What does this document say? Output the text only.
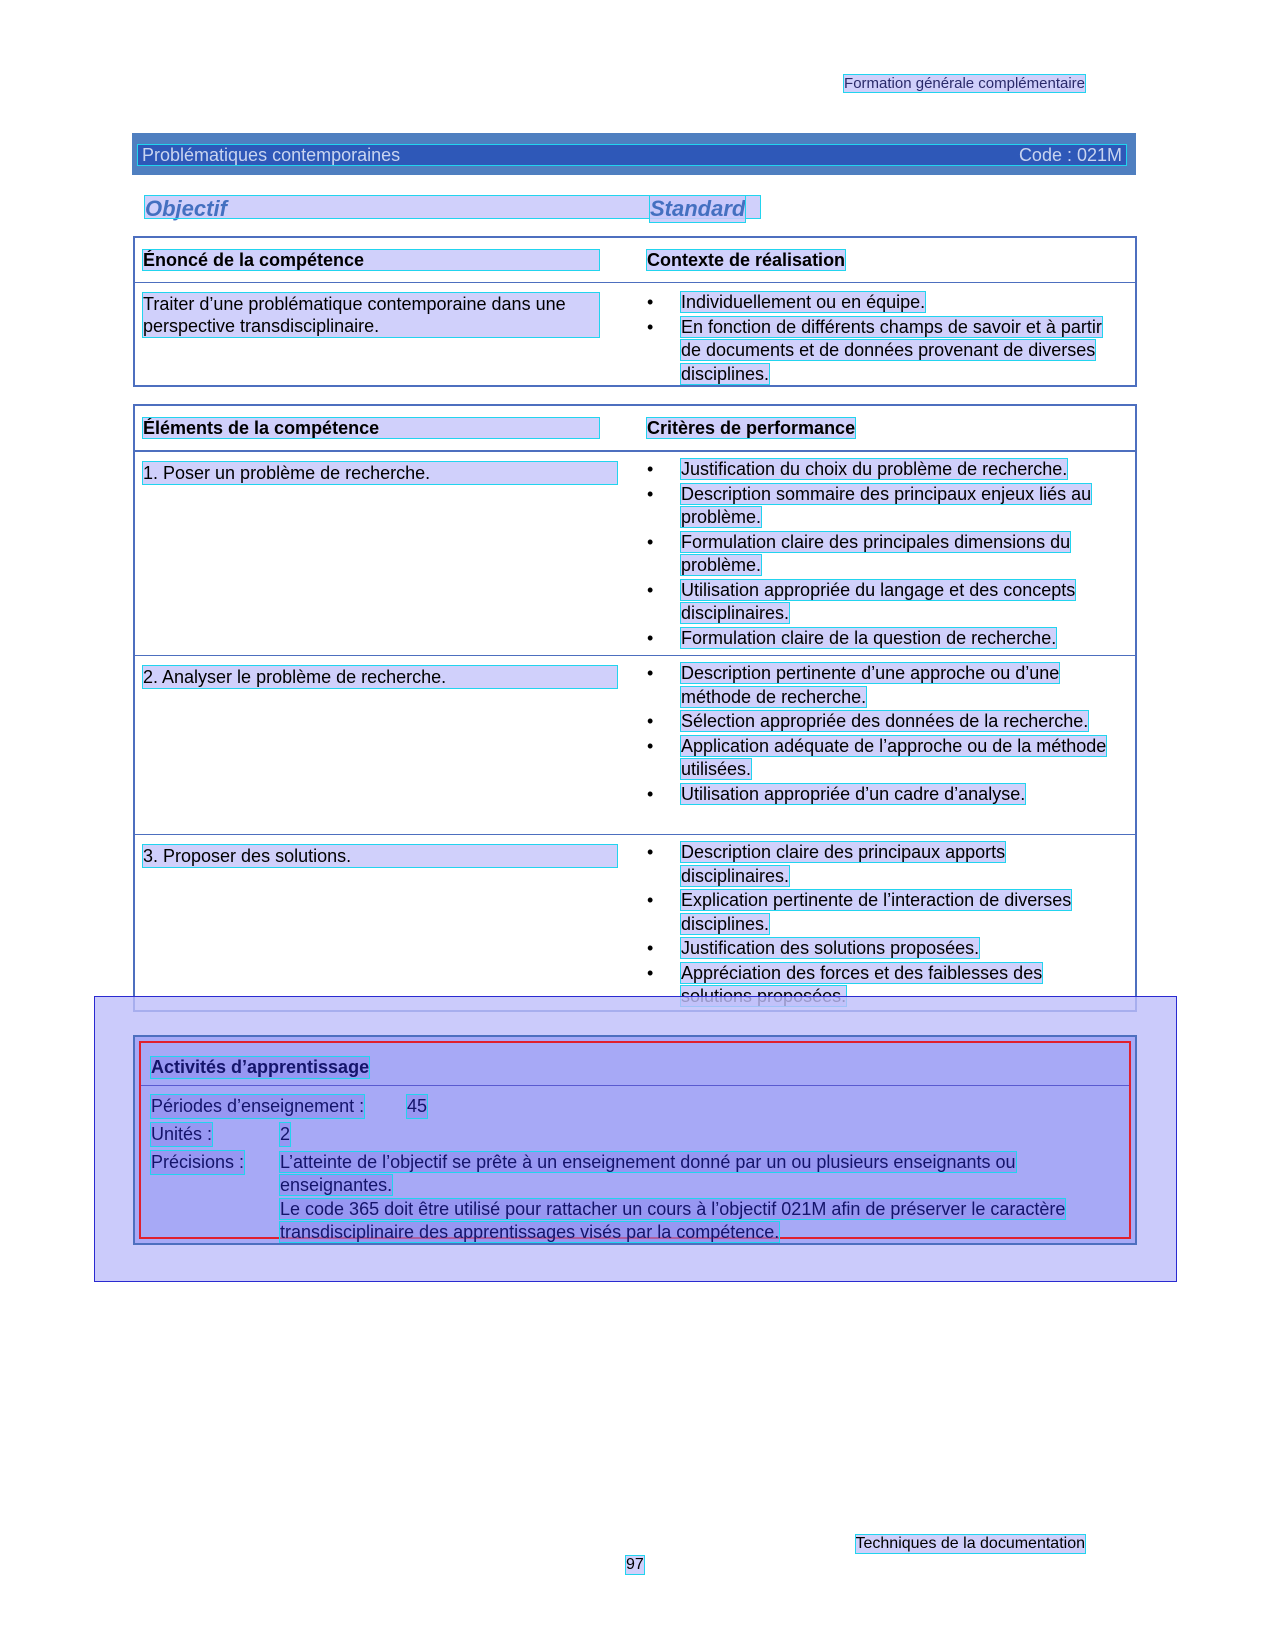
Formation générale complémentaire
Problématiques contemporaines	Code : 021M
Objectif	Standard
Énoncé de la compétence	Contexte de réalisation
Traiter d’une problématique contemporaine dans une perspective transdisciplinaire.
•	Individuellement ou en équipe.
•	En fonction de différents champs de savoir et à partir de documents et de données provenant de diverses disciplines.
Éléments de la compétence	Critères de performance
1. Poser un problème de recherche.	•	Justification du choix du problème de recherche.
•	Description sommaire des principaux enjeux liés au problème.
•	Formulation claire des principales dimensions du problème.
•	Utilisation appropriée du langage et des concepts disciplinaires.
•	Formulation claire de la question de recherche.
2. Analyser le problème de recherche.	•	Description pertinente d’une approche ou d’une méthode de recherche.
•	Sélection appropriée des données de la recherche.
•	Application adéquate de l’approche ou de la méthode utilisées.
•	Utilisation appropriée d’un cadre d’analyse.
3. Proposer des solutions.	•	Description claire des principaux apports disciplinaires.
•	Explication pertinente de l’interaction de diverses disciplines.
•	Justification des solutions proposées.
•	Appréciation des forces et des faiblesses des
Activités d’apprentissage
Périodes d’enseignement : 45
Unités :	2
Précisions : L’atteinte de l’objectif se prête à un enseignement donné par un ou plusieurs enseignants ou enseignantes.
Le code 365 doit être utilisé pour rattacher un cours à l’objectif 021M afin de préserver le caractère transdisciplinaire des apprentissages visés par la compétence.
Techniques de la documentation
97
